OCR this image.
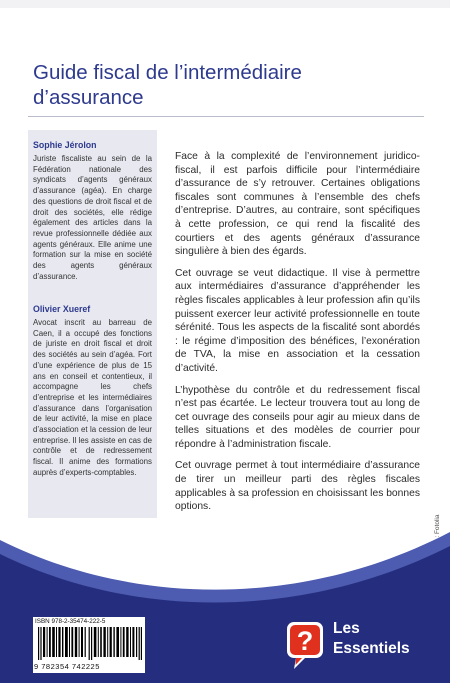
Guide fiscal de l’intermédiaire d’assurance
Sophie Jérolon

Juriste fiscaliste au sein de la Fédération nationale des syndicats d’agents généraux d’assurance (agéa). En charge des questions de droit fiscal et de droit des sociétés, elle rédige également des articles dans la revue professionnelle dédiée aux agents généraux. Elle anime une formation sur la mise en société des agents généraux d’assurance.

Olivier Xueref

Avocat inscrit au barreau de Caen, il a occupé des fonctions de juriste en droit fiscal et droit des sociétés au sein d’agéa. Fort d’une expérience de plus de 15 ans en conseil et contentieux, il accompagne les chefs d’entreprise et les intermédiaires d’assurance dans l’organisation de leur activité, la mise en place d’association et la cession de leur entreprise. Il les assiste en cas de contrôle et de redressement fiscal. Il anime des formations auprès d’experts-comptables.

Face à la complexité de l’environnement juridico-fiscal, il est parfois difficile pour l’intermédiaire d’assurance de s’y retrouver. Certaines obligations fiscales sont communes à l’ensemble des chefs d’entreprise. D’autres, au contraire, sont spécifiques à cette profession, ce qui rend la fiscalité des courtiers et des agents généraux d’assurance singulière à bien des égards.

Cet ouvrage se veut didactique. Il vise à permettre aux intermédiaires d’assurance d’appréhender les règles fiscales applicables à leur profession afin qu’ils puissent exercer leur activité professionnelle en toute sérénité. Tous les aspects de la fiscalité sont abordés : le régime d’imposition des bénéfices, l’exonération de TVA, la mise en association et la cessation d’activité.

L’hypothèse du contrôle et du redressement fiscal n’est pas écartée. Le lecteur trouvera tout au long de cet ouvrage des conseils pour agir au mieux dans de telles situations et des modèles de courrier pour répondre à l’administration fiscale.

Cet ouvrage permet à tout intermédiaire d’assurance de tirer un meilleur parti des règles fiscales applicables à sa profession en choisissant les bonnes options.

ISBN 978-2-35474-222-5
9 782354 742225
? Les
Essentiels
